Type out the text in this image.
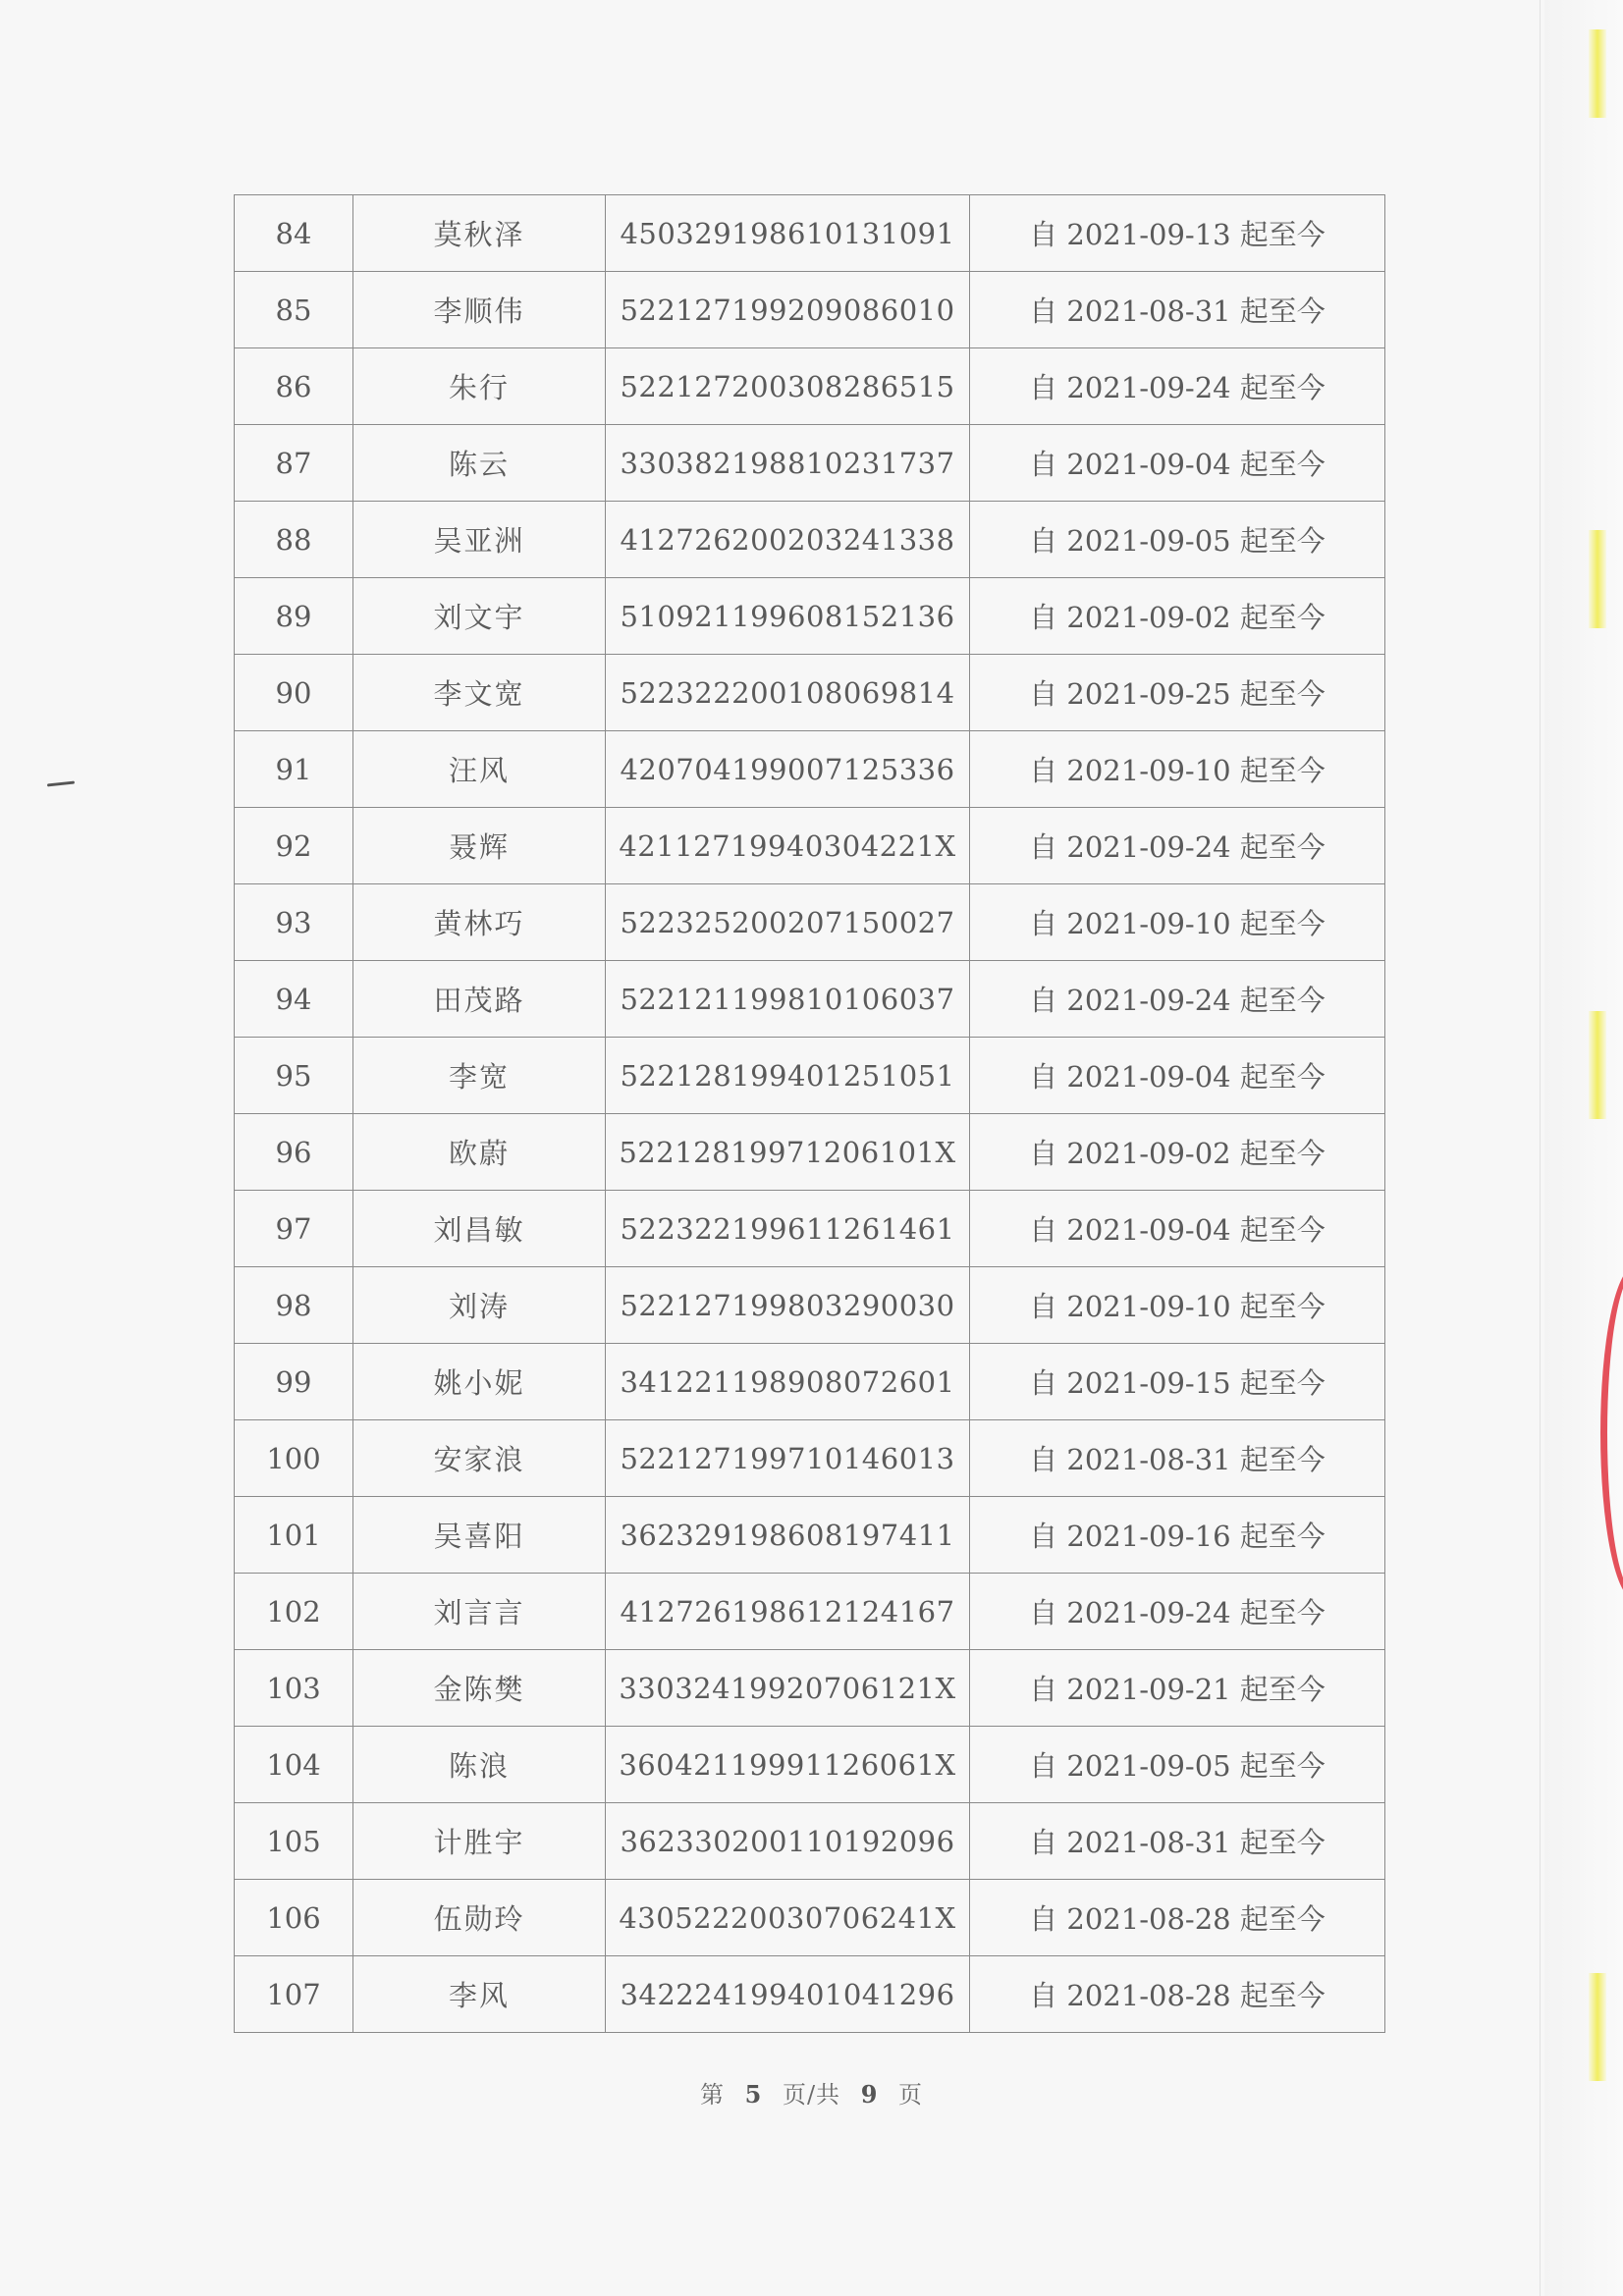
84	莫秋泽	450329198610131091	自 2021-09-13 起至今
85	李顺伟	522127199209086010	自 2021-08-31 起至今
86	朱行	522127200308286515	自 2021-09-24 起至今
87	陈云	330382198810231737	自 2021-09-04 起至今
88	吴亚洲	412726200203241338	自 2021-09-05 起至今
89	刘文宇	510921199608152136	自 2021-09-02 起至今
90	李文宽	522322200108069814	自 2021-09-25 起至今
91	汪风	420704199007125336	自 2021-09-10 起至今
92	聂辉	42112719940304221X	自 2021-09-24 起至今
93	黄林巧	522325200207150027	自 2021-09-10 起至今
94	田茂路	522121199810106037	自 2021-09-24 起至今
95	李宽	522128199401251051	自 2021-09-04 起至今
96	欧蔚	52212819971206101X	自 2021-09-02 起至今
97	刘昌敏	522322199611261461	自 2021-09-04 起至今
98	刘涛	522127199803290030	自 2021-09-10 起至今
99	姚小妮	341221198908072601	自 2021-09-15 起至今
100	安家浪	522127199710146013	自 2021-08-31 起至今
101	吴喜阳	362329198608197411	自 2021-09-16 起至今
102	刘言言	412726198612124167	自 2021-09-24 起至今
103	金陈樊	33032419920706121X	自 2021-09-21 起至今
104	陈浪	36042119991126061X	自 2021-09-05 起至今
105	计胜宇	362330200110192096	自 2021-08-31 起至今
106	伍勋玲	43052220030706241X	自 2021-08-28 起至今
107	李风	342224199401041296	自 2021-08-28 起至今
第 5 页/共 9 页
